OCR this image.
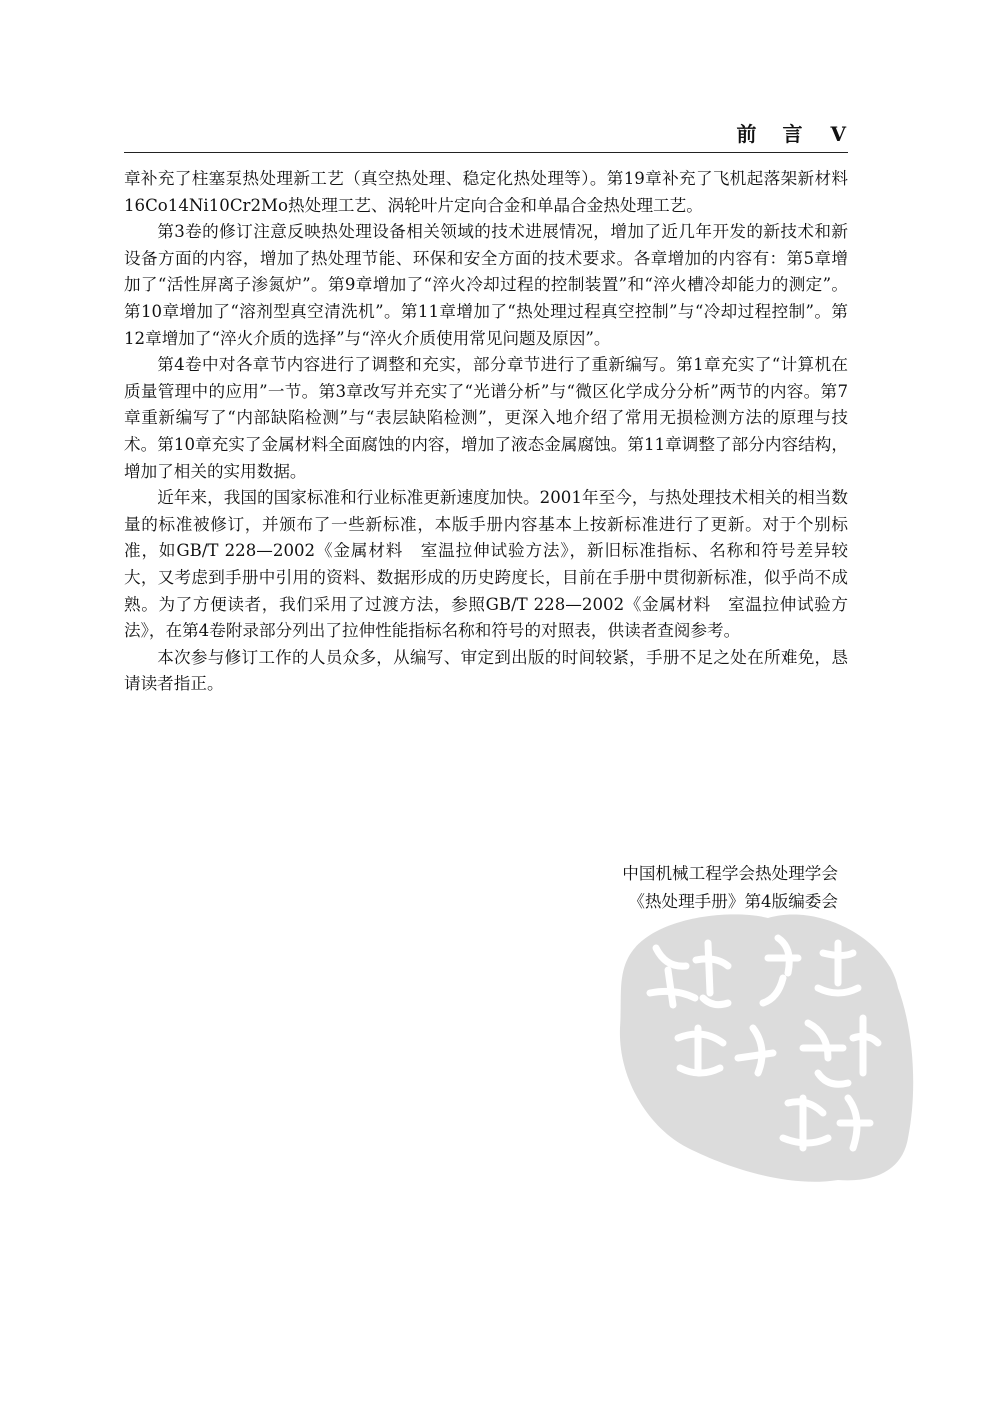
前言 V

章补充了柱塞泵热处理新工艺（真空热处理、稳定化热处理等）。第19章补充了飞机起落架新材料16Co14Ni10Cr2Mo热处理工艺、涡轮叶片定向合金和单晶合金热处理工艺。

第3卷的修订注意反映热处理设备相关领域的技术进展情况，增加了近几年开发的新技术和新设备方面的内容，增加了热处理节能、环保和安全方面的技术要求。各章增加的内容有：第5章增加了“活性屏离子渗氮炉”。第9章增加了“淬火冷却过程的控制装置”和“淬火槽冷却能力的测定”。第10章增加了“溶剂型真空清洗机”。第11章增加了“热处理过程真空控制”与“冷却过程控制”。第12章增加了“淬火介质的选择”与“淬火介质使用常见问题及原因”。

第4卷中对各章节内容进行了调整和充实，部分章节进行了重新编写。第1章充实了“计算机在质量管理中的应用”一节。第3章改写并充实了“光谱分析”与“微区化学成分分析”两节的内容。第7章重新编写了“内部缺陷检测”与“表层缺陷检测”，更深入地介绍了常用无损检测方法的原理与技术。第10章充实了金属材料全面腐蚀的内容，增加了液态金属腐蚀。第11章调整了部分内容结构，增加了相关的实用数据。

近年来，我国的国家标准和行业标准更新速度加快。2001年至今，与热处理技术相关的相当数量的标准被修订，并颁布了一些新标准，本版手册内容基本上按新标准进行了更新。对于个别标准，如GB/T 228—2002《金属材料　室温拉伸试验方法》，新旧标准指标、名称和符号差异较大，又考虑到手册中引用的资料、数据形成的历史跨度长，目前在手册中贯彻新标准，似乎尚不成熟。为了方便读者，我们采用了过渡方法，参照GB/T 228—2002《金属材料　室温拉伸试验方法》，在第4卷附录部分列出了拉伸性能指标名称和符号的对照表，供读者查阅参考。

本次参与修订工作的人员众多，从编写、审定到出版的时间较紧，手册不足之处在所难免，恳请读者指正。

中国机械工程学会热处理学会
《热处理手册》第4版编委会
